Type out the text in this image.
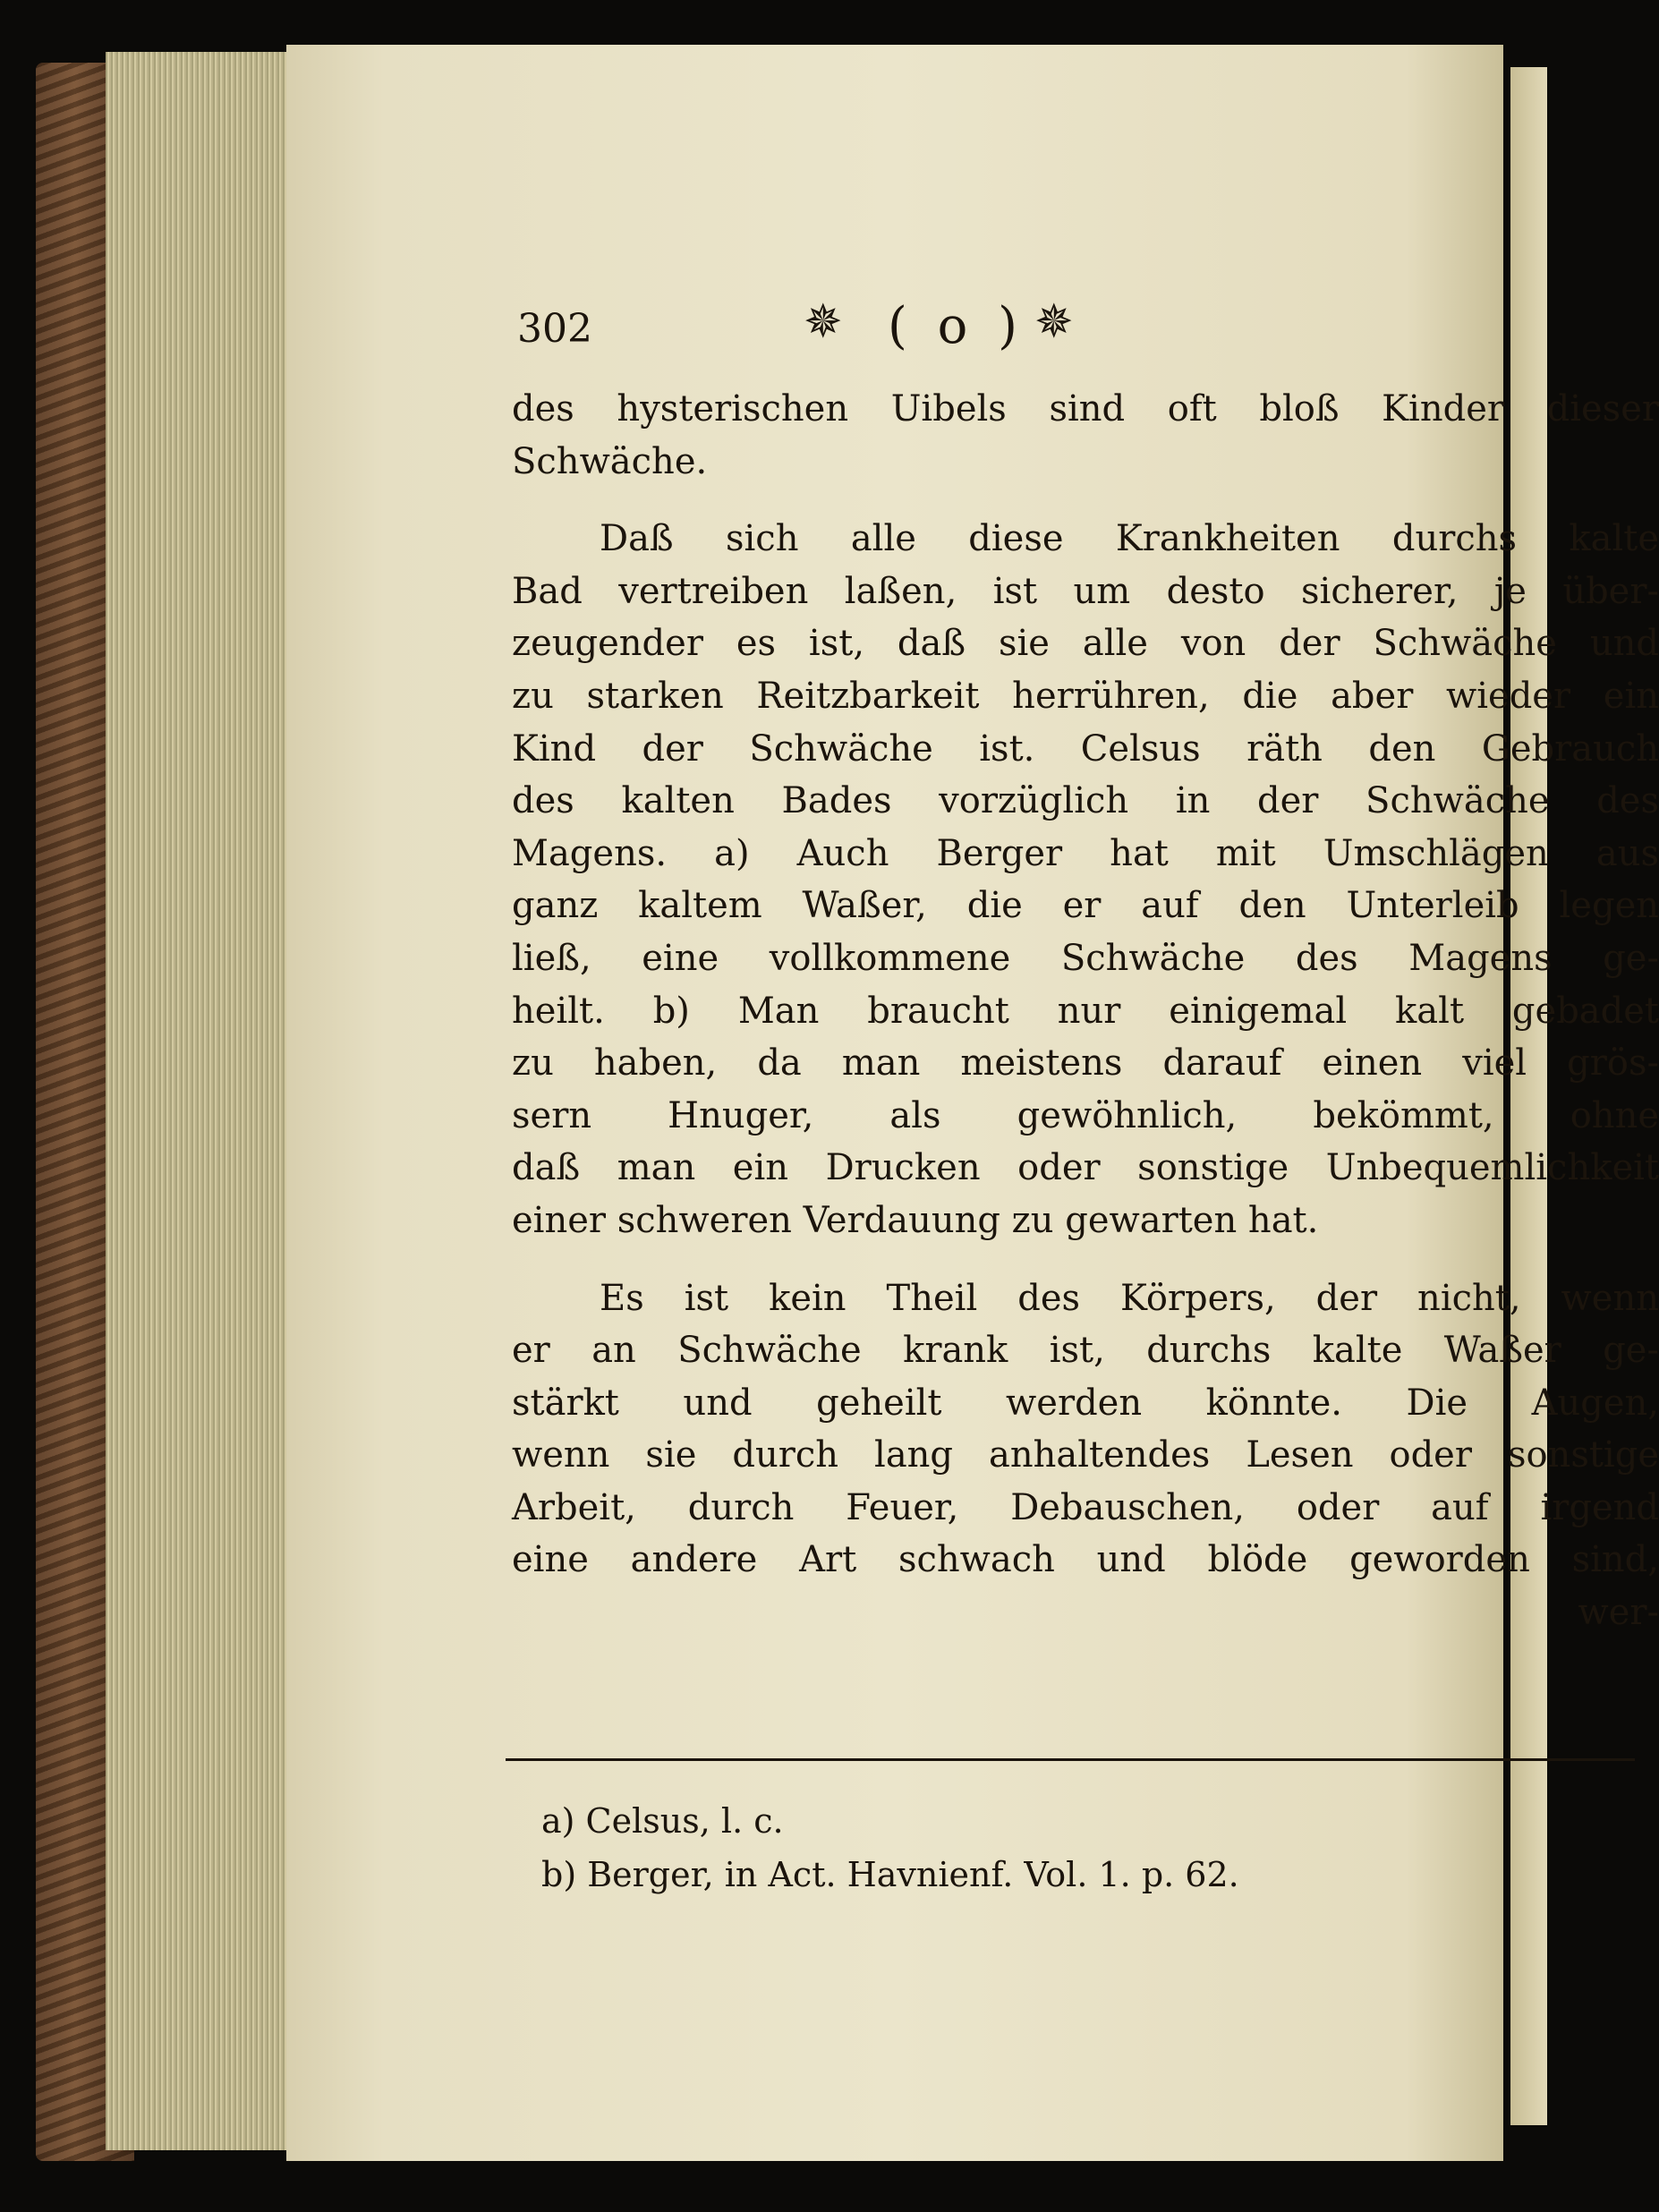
302	✵ ( o ) ✵
des hysterischen Uibels sind oft bloß Kinder dieser
Schwäche.
Daß sich alle diese Krankheiten durchs kalte
Bad vertreiben laßen, ist um desto sicherer, je über-
zeugender es ist, daß sie alle von der Schwäche und
zu starken Reitzbarkeit herrühren, die aber wieder ein
Kind der Schwäche ist. Celsus räth den Gebrauch
des kalten Bades vorzüglich in der Schwäche des
Magens. a) Auch Berger hat mit Umschlägen aus
ganz kaltem Waßer, die er auf den Unterleib legen
ließ, eine vollkommene Schwäche des Magens ge-
heilt. b) Man braucht nur einigemal kalt gebadet
zu haben, da man meistens darauf einen viel grös-
sern Hnuger, als gewöhnlich, bekömmt, ohne
daß man ein Drucken oder sonstige Unbequemlichkeit
einer schweren Verdauung zu gewarten hat.
Es ist kein Theil des Körpers, der nicht, wenn
er an Schwäche krank ist, durchs kalte Waßer ge-
stärkt und geheilt werden könnte. Die Augen,
wenn sie durch lang anhaltendes Lesen oder sonstige
Arbeit, durch Feuer, Debauschen, oder auf irgend
eine andere Art schwach und blöde geworden sind,
wer-
a) Celsus, l. c.
b) Berger, in Act. Havnienf. Vol. 1. p. 62.
